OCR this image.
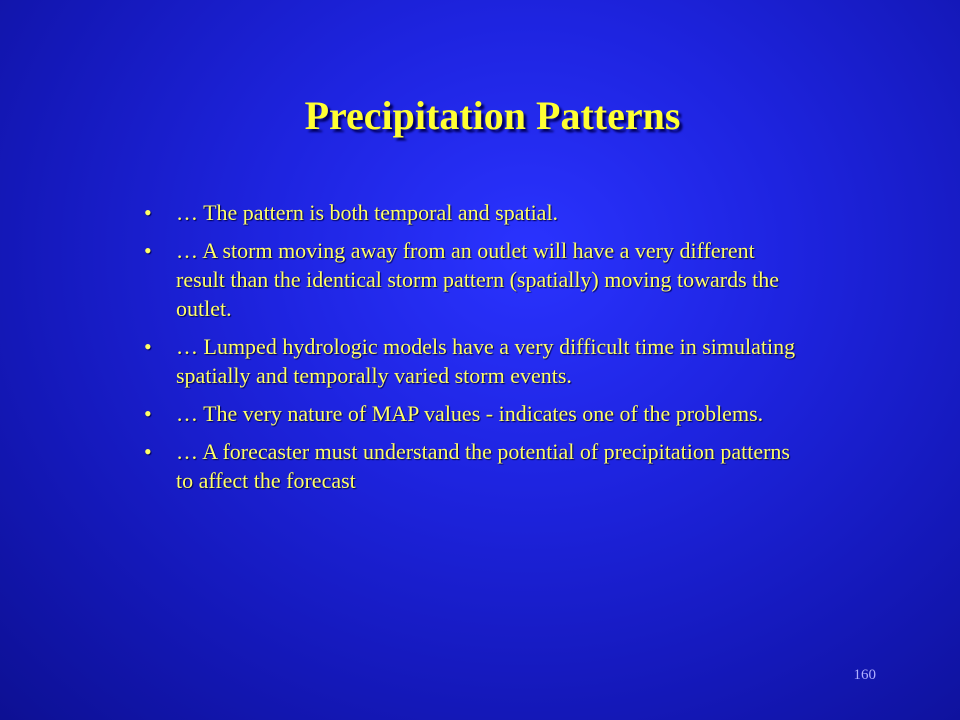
Precipitation Patterns
• … The pattern is both temporal and spatial.
• … A storm moving away from an outlet will have a very different result than the identical storm pattern (spatially) moving towards the outlet.
• … Lumped hydrologic models have a very difficult time in simulating spatially and temporally varied storm events.
• … The very nature of MAP values - indicates one of the problems.
• … A forecaster must understand the potential of precipitation patterns to affect the forecast
160
